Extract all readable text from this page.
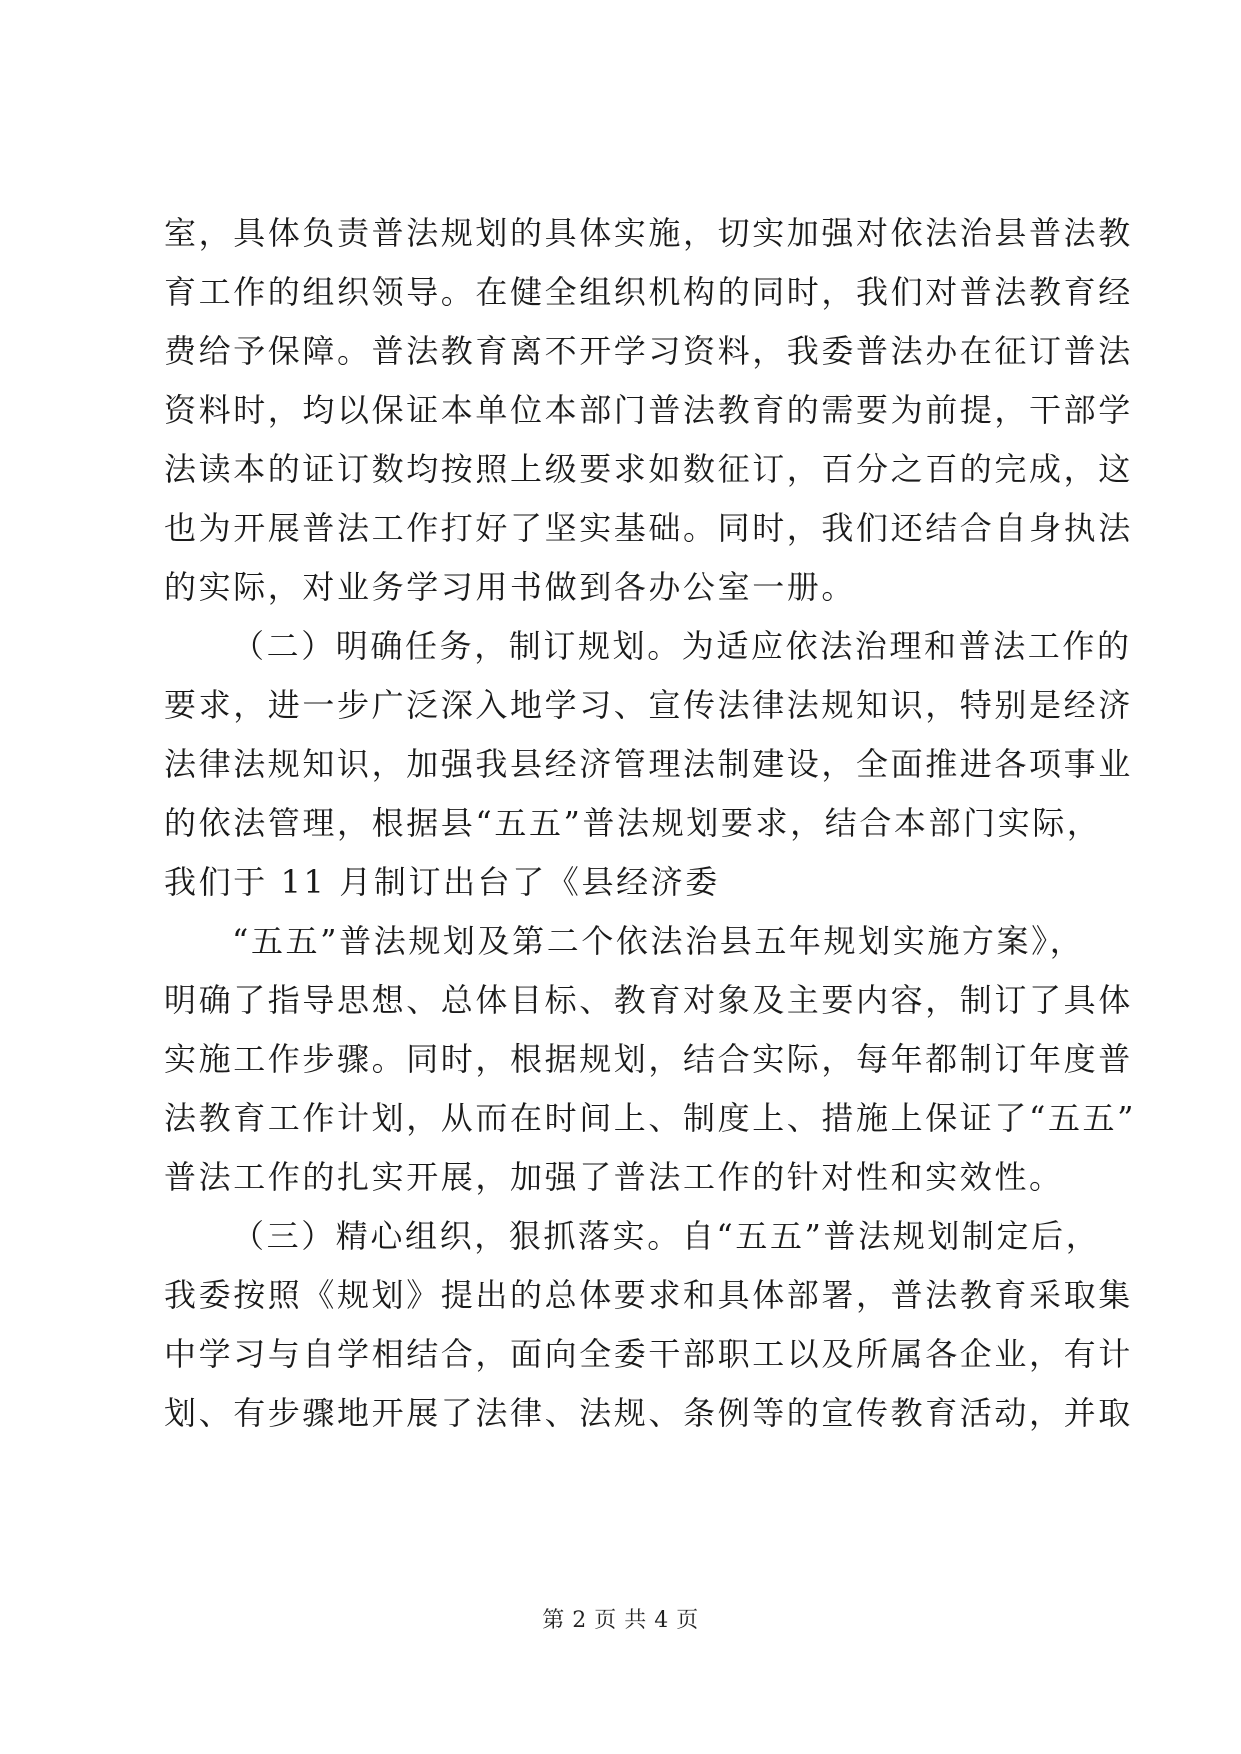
室，具体负责普法规划的具体实施，切实加强对依法治县普法教
育工作的组织领导。在健全组织机构的同时，我们对普法教育经
费给予保障。普法教育离不开学习资料，我委普法办在征订普法
资料时，均以保证本单位本部门普法教育的需要为前提，干部学
法读本的证订数均按照上级要求如数征订，百分之百的完成，这
也为开展普法工作打好了坚实基础。同时，我们还结合自身执法
的实际，对业务学习用书做到各办公室一册。
（二）明确任务，制订规划。为适应依法治理和普法工作的
要求，进一步广泛深入地学习、宣传法律法规知识，特别是经济
法律法规知识，加强我县经济管理法制建设，全面推进各项事业
的依法管理，根据县“五五”普法规划要求，结合本部门实际，
我们于 11 月制订出台了《县经济委
“五五”普法规划及第二个依法治县五年规划实施方案》，
明确了指导思想、总体目标、教育对象及主要内容，制订了具体
实施工作步骤。同时，根据规划，结合实际，每年都制订年度普
法教育工作计划，从而在时间上、制度上、措施上保证了“五五”
普法工作的扎实开展，加强了普法工作的针对性和实效性。
（三）精心组织，狠抓落实。自“五五”普法规划制定后，
我委按照《规划》提出的总体要求和具体部署，普法教育采取集
中学习与自学相结合，面向全委干部职工以及所属各企业，有计
划、有步骤地开展了法律、法规、条例等的宣传教育活动，并取
第 2 页 共 4 页
